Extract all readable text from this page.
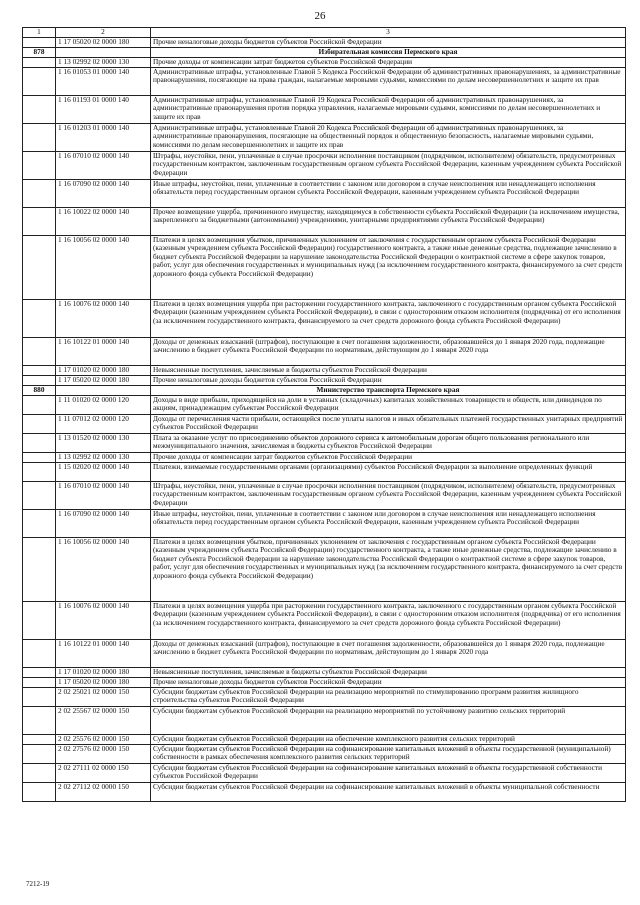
26
1	2	3
	1 17 05020 02 0000 180	Прочие неналоговые доходы бюджетов субъектов Российской Федерации
878		Избирательная комиссия Пермского края
	1 13 02992 02 0000 130	Прочие доходы от компенсации затрат бюджетов субъектов Российской Федерации
	1 16 01053 01 0000 140	Административные штрафы, установленные Главой 5 Кодекса Российской Федерации об административных правонарушениях, за административные правонарушения, посягающие на права граждан, налагаемые мировыми судьями, комиссиями по делам несовершеннолетних и защите их прав
	1 16 01193 01 0000 140	Административные штрафы, установленные Главой 19 Кодекса Российской Федерации об административных правонарушениях, за административные правонарушения против порядка управления, налагаемые мировыми судьями, комиссиями по делам несовершеннолетних и защите их прав
	1 16 01203 01 0000 140	Административные штрафы, установленные Главой 20 Кодекса Российской Федерации об административных правонарушениях, за административные правонарушения, посягающие на общественный порядок и общественную безопасность, налагаемые мировыми судьями, комиссиями по делам несовершеннолетних и защите их прав
	1 16 07010 02 0000 140	Штрафы, неустойки, пени, уплаченные в случае просрочки исполнения поставщиком (подрядчиком, исполнителем) обязательств, предусмотренных государственным контрактом, заключенным государственным органом субъекта Российской Федерации, казенным учреждением субъекта Российской Федерации
	1 16 07090 02 0000 140	Иные штрафы, неустойки, пени, уплаченные в соответствии с законом или договором в случае неисполнения или ненадлежащего исполнения обязательств перед государственным органом субъекта Российской Федерации, казенным учреждением субъекта Российской Федерации
	1 16 10022 02 0000 140	Прочее возмещение ущерба, причиненного имуществу, находящемуся в собственности субъекта Российской Федерации (за исключением имущества, закрепленного за бюджетными (автономными) учреждениями, унитарными предприятиями субъекта Российской Федерации)
	1 16 10056 02 0000 140	Платежи в целях возмещения убытков, причиненных уклонением от заключения с государственным органом субъекта Российской Федерации (казенным учреждением субъекта Российской Федерации) государственного контракта, а также иные денежные средства, подлежащие зачислению в бюджет субъекта Российской Федерации за нарушение законодательства Российской Федерации о контрактной системе в сфере закупок товаров, работ, услуг для обеспечения государственных и муниципальных нужд (за исключением государственного контракта, финансируемого за счет средств дорожного фонда субъекта Российской Федерации)
	1 16 10076 02 0000 140	Платежи в целях возмещения ущерба при расторжении государственного контракта, заключенного с государственным органом субъекта Российской Федерации (казенным учреждением субъекта Российской Федерации), в связи с односторонним отказом исполнителя (подрядчика) от его исполнения (за исключением государственного контракта, финансируемого за счет средств дорожного фонда субъекта Российской Федерации)
	1 16 10122 01 0000 140	Доходы от денежных взысканий (штрафов), поступающие в счет погашения задолженности, образовавшейся до 1 января 2020 года, подлежащие зачислению в бюджет субъекта Российской Федерации по нормативам, действующим до 1 января 2020 года
	1 17 01020 02 0000 180	Невыясненные поступления, зачисляемые в бюджеты субъектов Российской Федерации
	1 17 05020 02 0000 180	Прочие неналоговые доходы бюджетов субъектов Российской Федерации
880		Министерство транспорта Пермского края
	1 11 01020 02 0000 120	Доходы в виде прибыли, приходящейся на доли в уставных (складочных) капиталах хозяйственных товариществ и обществ, или дивидендов по акциям, принадлежащим субъектам Российской Федерации
	1 11 07012 02 0000 120	Доходы от перечисления части прибыли, остающейся после уплаты налогов и иных обязательных платежей государственных унитарных предприятий субъектов Российской Федерации
	1 13 01520 02 0000 130	Плата за оказание услуг по присоединению объектов дорожного сервиса к автомобильным дорогам общего пользования регионального или межмуниципального значения, зачисляемая в бюджеты субъектов Российской Федерации
	1 13 02992 02 0000 130	Прочие доходы от компенсации затрат бюджетов субъектов Российской Федерации
	1 15 02020 02 0000 140	Платежи, взимаемые государственными органами (организациями) субъектов Российской Федерации за выполнение определенных функций
	1 16 07010 02 0000 140	Штрафы, неустойки, пени, уплаченные в случае просрочки исполнения поставщиком (подрядчиком, исполнителем) обязательств, предусмотренных государственным контрактом, заключенным государственным органом субъекта Российской Федерации, казенным учреждением субъекта Российской Федерации
	1 16 07090 02 0000 140	Иные штрафы, неустойки, пени, уплаченные в соответствии с законом или договором в случае неисполнения или ненадлежащего исполнения обязательств перед государственным органом субъекта Российской Федерации, казенным учреждением субъекта Российской Федерации
	1 16 10056 02 0000 140	Платежи в целях возмещения убытков, причиненных уклонением от заключения с государственным органом субъекта Российской Федерации (казенным учреждением субъекта Российской Федерации) государственного контракта, а также иные денежные средства, подлежащие зачислению в бюджет субъекта Российской Федерации за нарушение законодательства Российской Федерации о контрактной системе в сфере закупок товаров, работ, услуг для обеспечения государственных и муниципальных нужд (за исключением государственного контракта, финансируемого за счет средств дорожного фонда субъекта Российской Федерации)
	1 16 10076 02 0000 140	Платежи в целях возмещения ущерба при расторжении государственного контракта, заключенного с государственным органом субъекта Российской Федерации (казенным учреждением субъекта Российской Федерации), в связи с односторонним отказом исполнителя (подрядчика) от его исполнения (за исключением государственного контракта, финансируемого за счет средств дорожного фонда субъекта Российской Федерации)
	1 16 10122 01 0000 140	Доходы от денежных взысканий (штрафов), поступающие в счет погашения задолженности, образовавшейся до 1 января 2020 года, подлежащие зачислению в бюджет субъекта Российской Федерации по нормативам, действующим до 1 января 2020 года
	1 17 01020 02 0000 180	Невыясненные поступления, зачисляемые в бюджеты субъектов Российской Федерации
	1 17 05020 02 0000 180	Прочие неналоговые доходы бюджетов субъектов Российской Федерации
	2 02 25021 02 0000 150	Субсидии бюджетам субъектов Российской Федерации на реализацию мероприятий по стимулированию программ развития жилищного строительства субъектов Российской Федерации
	2 02 25567 02 0000 150	Субсидии бюджетам субъектов Российской Федерации на реализацию мероприятий по устойчивому развитию сельских территорий
	2 02 25576 02 0000 150	Субсидии бюджетам субъектов Российской Федерации на обеспечение комплексного развития сельских территорий
	2 02 27576 02 0000 150	Субсидии бюджетам субъектов Российской Федерации на софинансирование капитальных вложений в объекты государственной (муниципальной) собственности в рамках обеспечения комплексного развития сельских территорий
	2 02 27111 02 0000 150	Субсидии бюджетам субъектов Российской Федерации на софинансирование капитальных вложений в объекты государственной собственности субъектов Российской Федерации
	2 02 27112 02 0000 150	Субсидии бюджетам субъектов Российской Федерации на софинансирование капитальных вложений в объекты муниципальной собственности
7212-19
